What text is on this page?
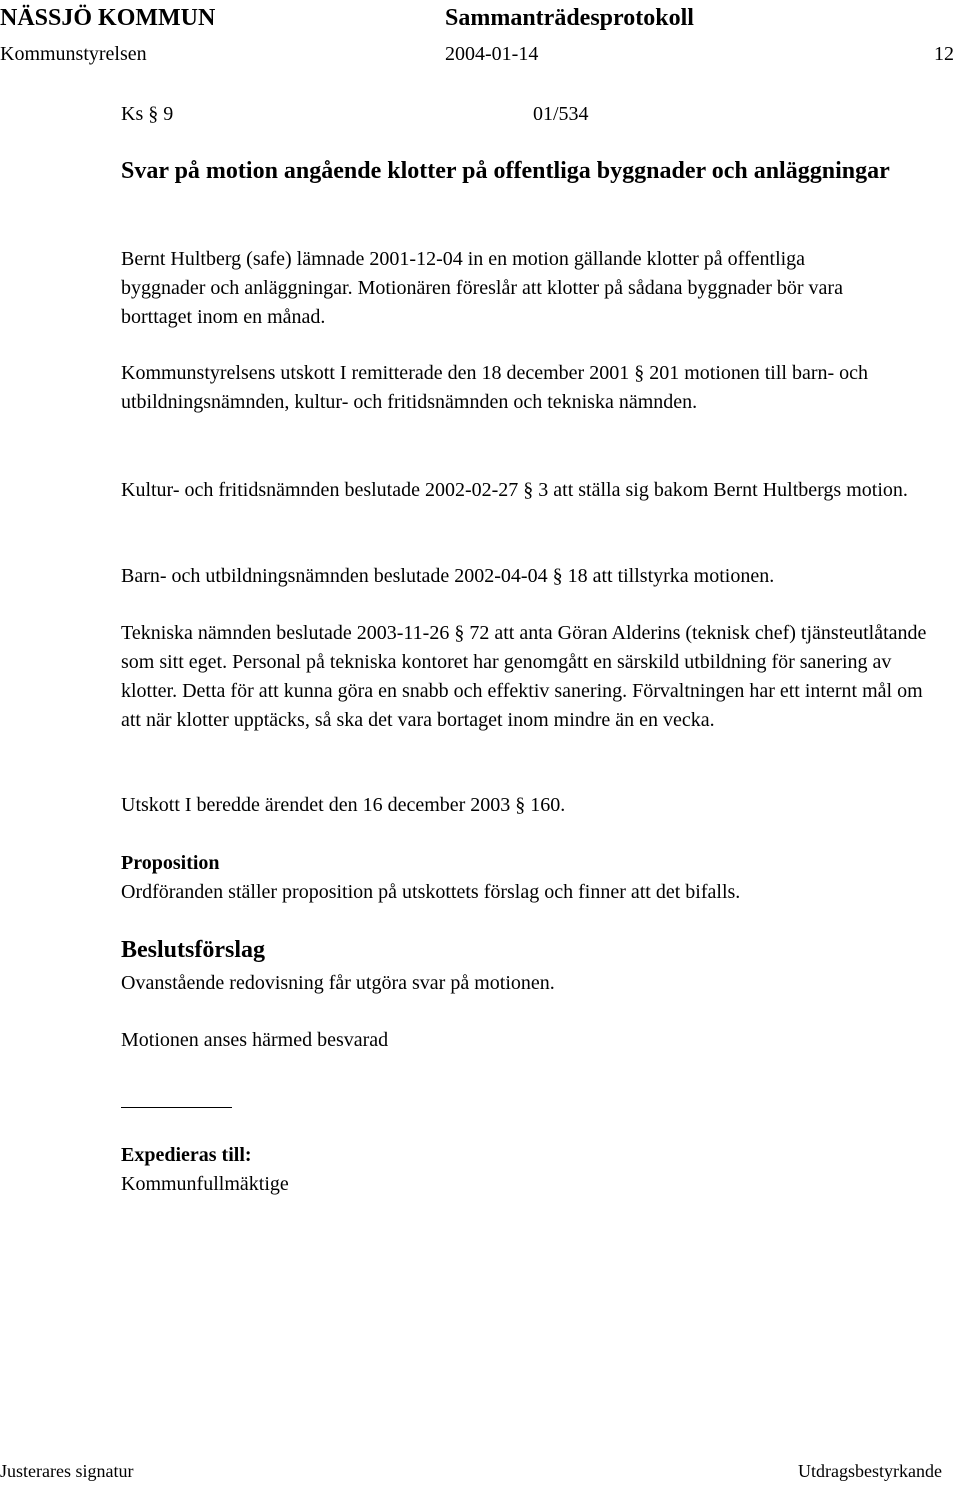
NÄSSJÖ KOMMUN	Sammanträdesprotokoll
Kommunstyrelsen	2004-01-14	12
Ks § 9	01/534
Svar på motion angående klotter på offentliga byggnader och anläggningar
Bernt Hultberg (safe) lämnade 2001-12-04 in en motion gällande klotter på offentliga byggnader och anläggningar. Motionären föreslår att klotter på sådana byggnader bör vara borttaget inom en månad.
Kommunstyrelsens utskott I remitterade den 18 december 2001 § 201 motionen till barn- och utbildningsnämnden, kultur- och fritidsnämnden och tekniska nämnden.
Kultur- och fritidsnämnden beslutade 2002-02-27 § 3 att ställa sig bakom Bernt Hultbergs motion.
Barn- och utbildningsnämnden beslutade 2002-04-04 § 18 att tillstyrka motionen.
Tekniska nämnden beslutade 2003-11-26 § 72 att anta Göran Alderins (teknisk chef) tjänsteutlåtande som sitt eget. Personal på tekniska kontoret har genomgått en särskild utbildning för sanering av klotter. Detta för att kunna göra en snabb och effektiv sanering. Förvaltningen har ett internt mål om att när klotter upptäcks, så ska det vara bortaget inom mindre än en vecka.
Utskott I beredde ärendet den 16 december 2003 § 160.
Proposition
Ordföranden ställer proposition på utskottets förslag och finner att det bifalls.
Beslutsförslag
Ovanstående redovisning får utgöra svar på motionen.
Motionen anses härmed besvarad
Expedieras till:
Kommunfullmäktige
Justerares signatur	Utdragsbestyrkande
